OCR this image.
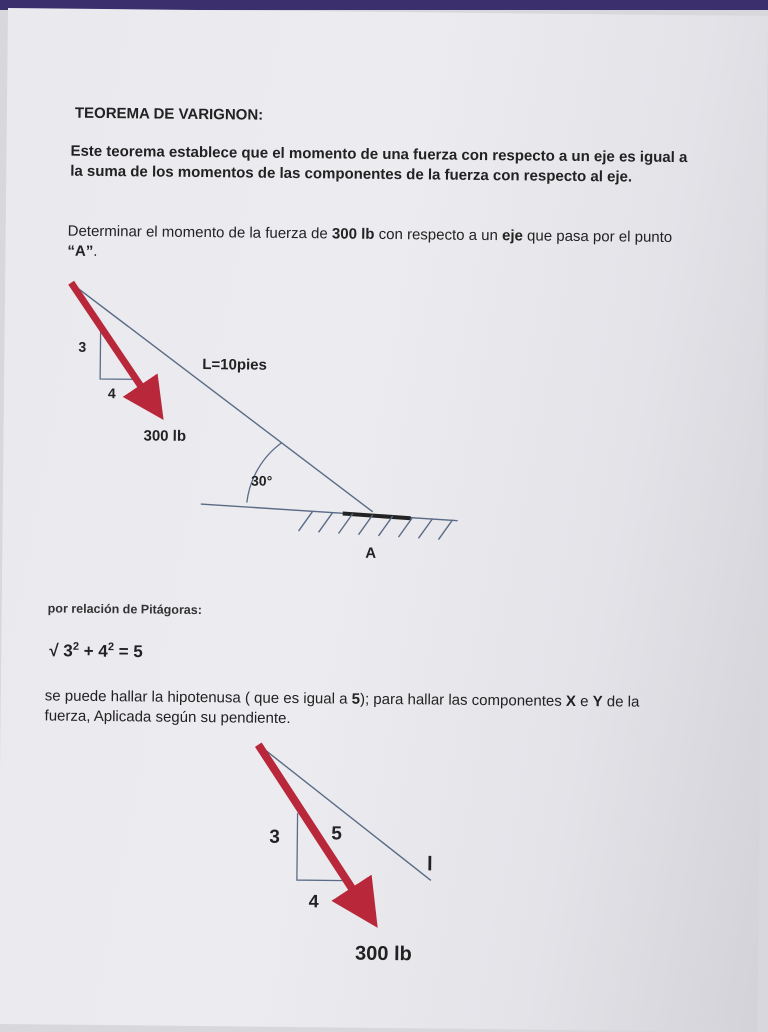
TEOREMA DE VARIGNON:

Este teorema establece que el momento de una fuerza con respecto a un eje es igual a la suma de los momentos de las componentes de la fuerza con respecto al eje.

Determinar el momento de la fuerza de 300 lb con respecto a un eje que pasa por el punto “A”.

3
4
L=10pies
300 lb
30°
A

por relación de Pitágoras:

√ $3^2 + 4^2 = 5$

se puede hallar la hipotenusa ( que es igual a 5); para hallar las componentes X e Y de la fuerza, Aplicada según su pendiente.

3	5
4
l
300 lb
